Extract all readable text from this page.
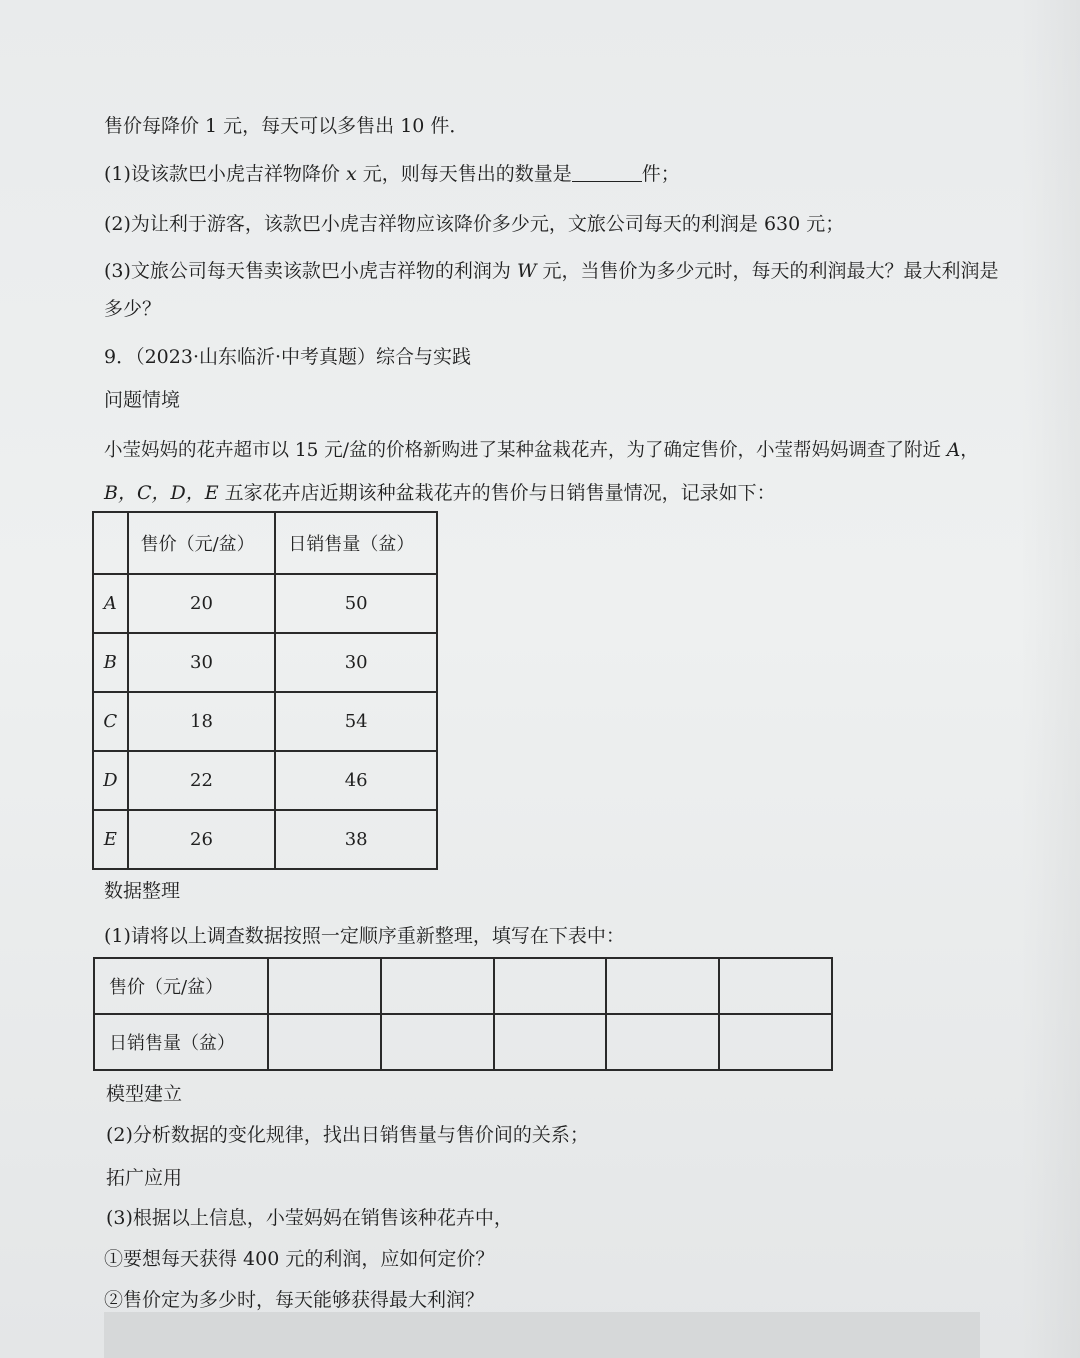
售价每降价 1 元，每天可以多售出 10 件．
(1)设该款巴小虎吉祥物降价 x 元，则每天售出的数量是	件；
(2)为让利于游客，该款巴小虎吉祥物应该降价多少元，文旅公司每天的利润是 630 元；
(3)文旅公司每天售卖该款巴小虎吉祥物的利润为 W 元，当售价为多少元时，每天的利润最大？最大利润是
多少？
9．（2023·山东临沂·中考真题）综合与实践
问题情境
小莹妈妈的花卉超市以 15 元/盆的价格新购进了某种盆栽花卉，为了确定售价，小莹帮妈妈调查了附近 A，
B，C，D，E 五家花卉店近期该种盆栽花卉的售价与日销售量情况，记录如下：
	售价（元/盆）	日销售量（盆）
A	20	50
B	30	30
C	18	54
D	22	46
E	26	38
数据整理
(1)请将以上调查数据按照一定顺序重新整理，填写在下表中：
售价（元/盆）					
日销售量（盆）					
模型建立
(2)分析数据的变化规律，找出日销售量与售价间的关系；
拓广应用
(3)根据以上信息，小莹妈妈在销售该种花卉中，
①要想每天获得 400 元的利润，应如何定价？
②售价定为多少时，每天能够获得最大利润？
